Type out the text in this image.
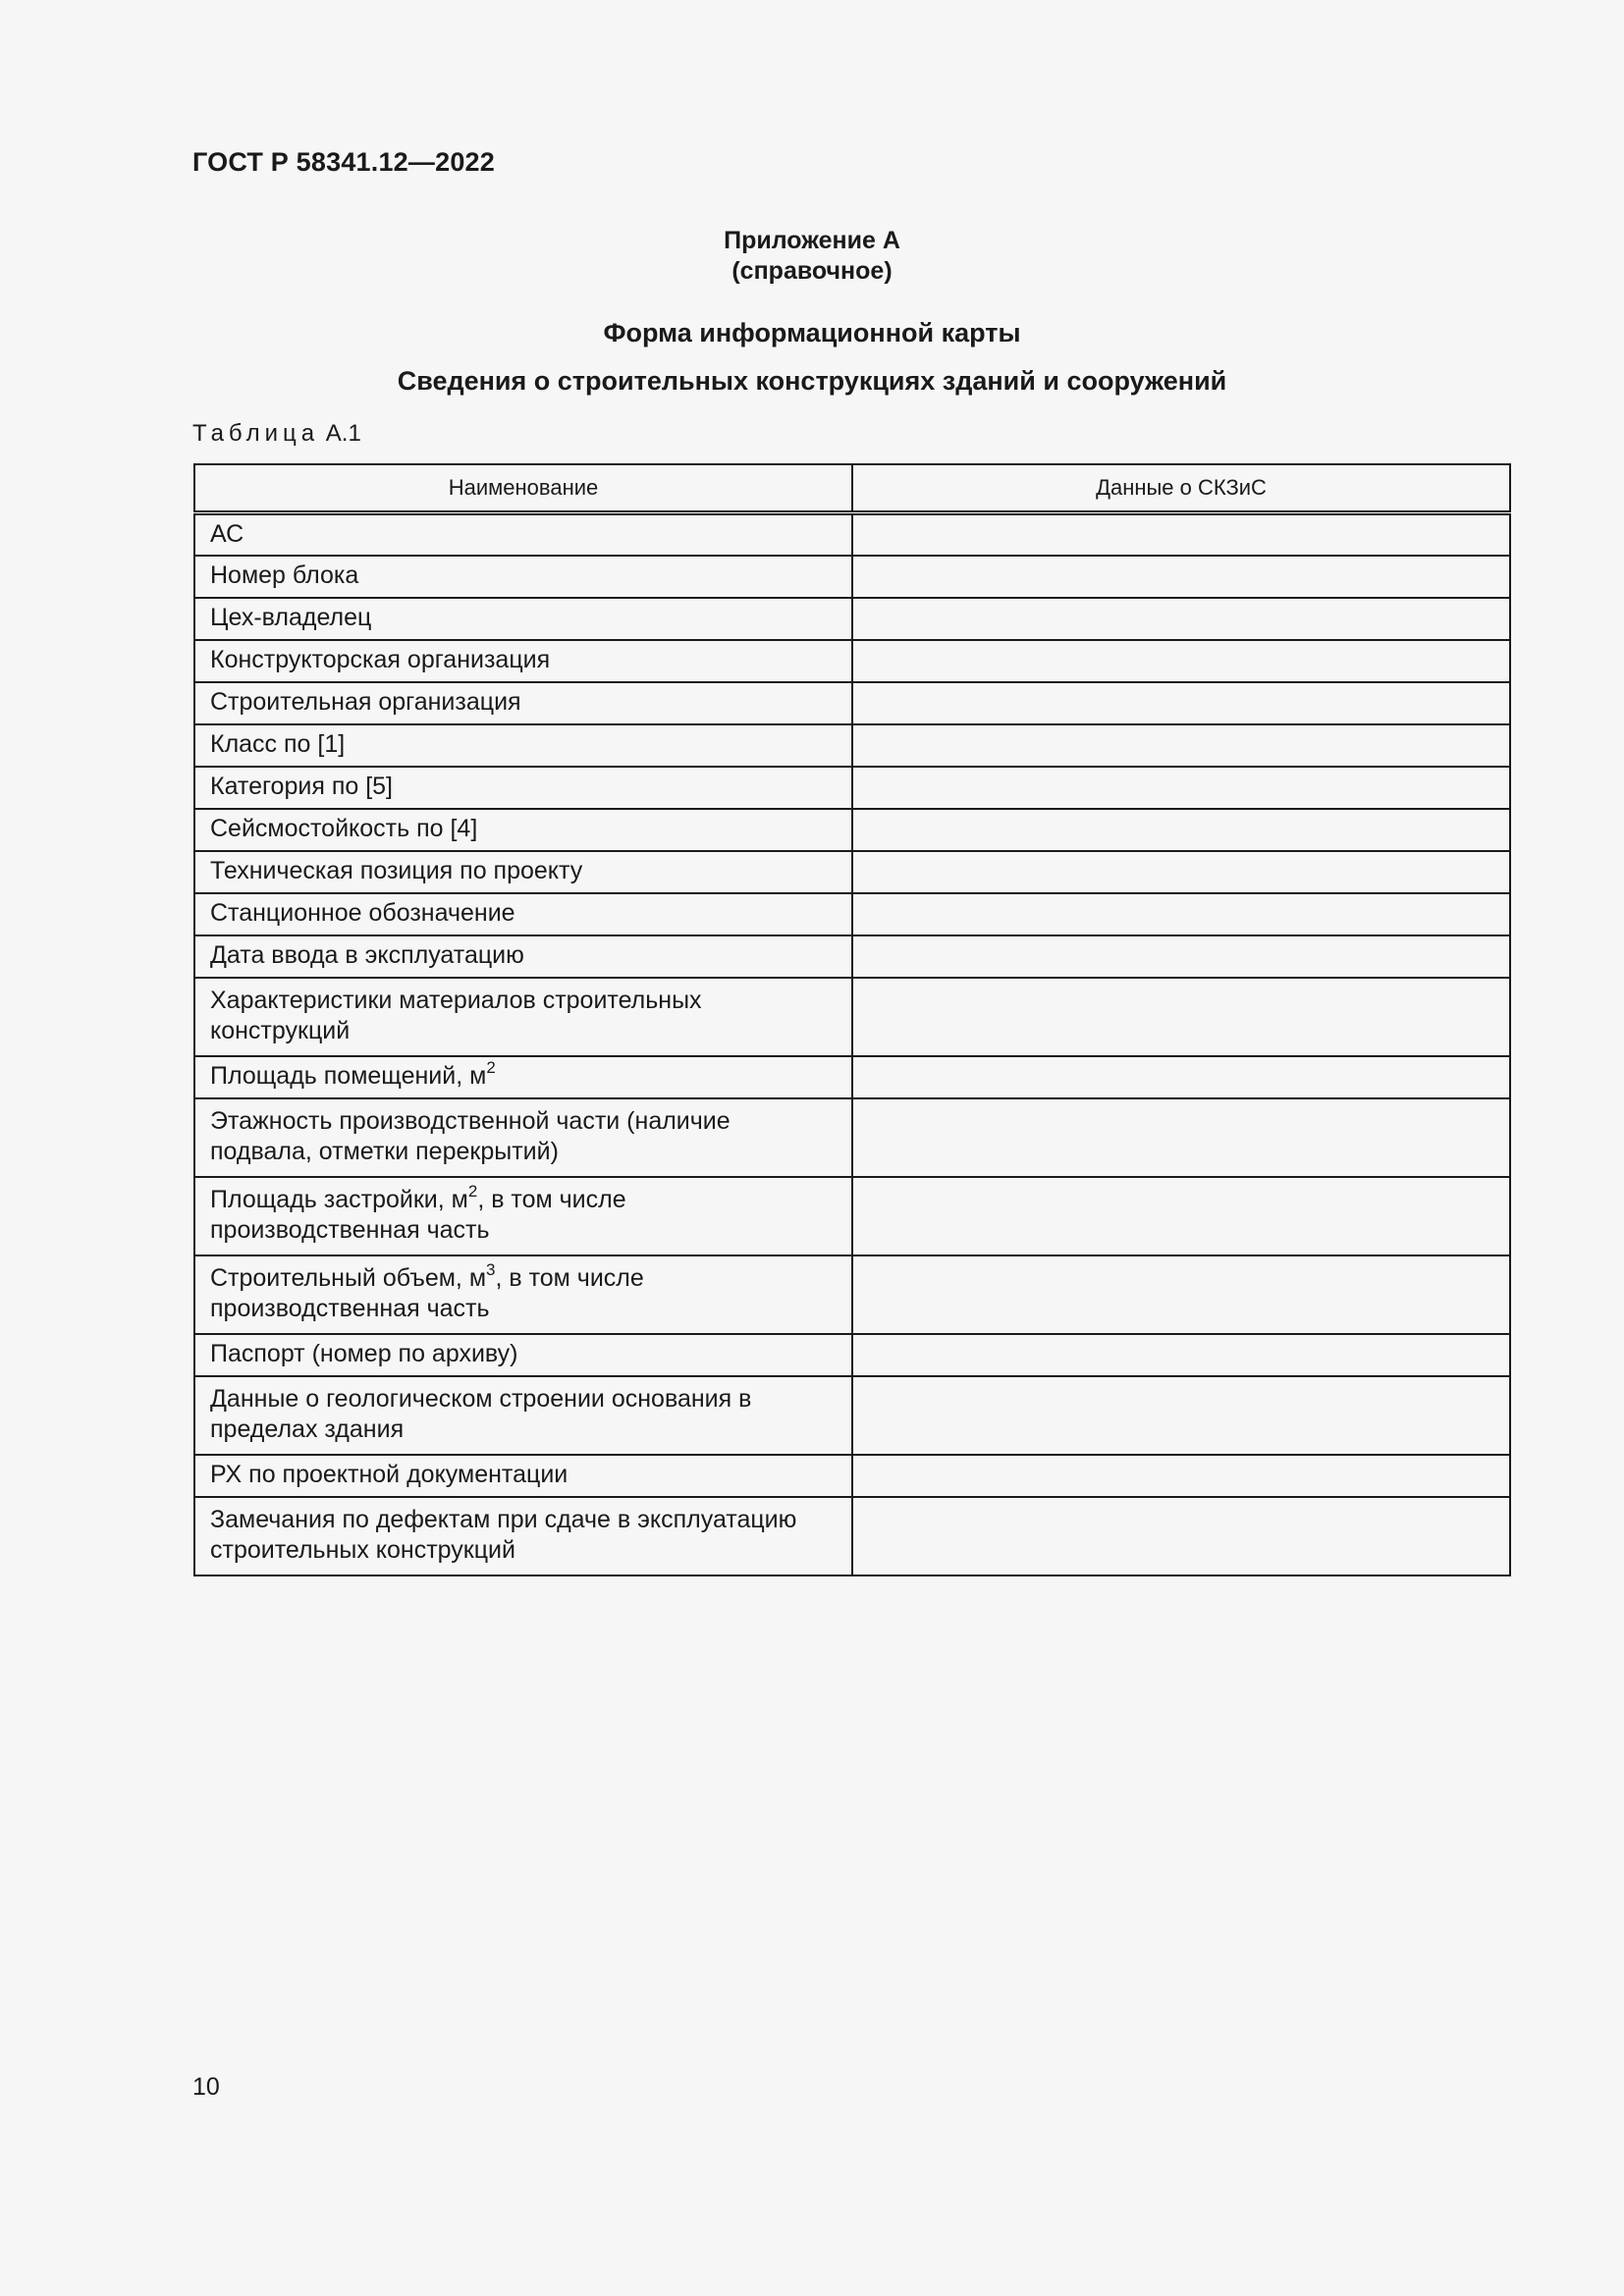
ГОСТ Р 58341.12—2022
Приложение А
(справочное)
Форма информационной карты
Сведения о строительных конструкциях зданий и сооружений
Таблица А.1
Наименование	Данные о СКЗиС
АС	
Номер блока	
Цех-владелец	
Конструкторская организация	
Строительная организация	
Класс по [1]	
Категория по [5]	
Сейсмостойкость по [4]	
Техническая позиция по проекту	
Станционное обозначение	
Дата ввода в эксплуатацию	
Характеристики материалов строительных конструкций	
Площадь помещений, $м^2$	
Этажность производственной части (наличие подвала, отметки перекрытий)	
Площадь застройки, $м^2$, в том числе производственная часть	
Строительный объем, $м^3$, в том числе производственная часть	
Паспорт (номер по архиву)	
Данные о геологическом строении основания в пределах здания	
РХ по проектной документации	
Замечания по дефектам при сдаче в эксплуатацию строительных конструкций	
10
